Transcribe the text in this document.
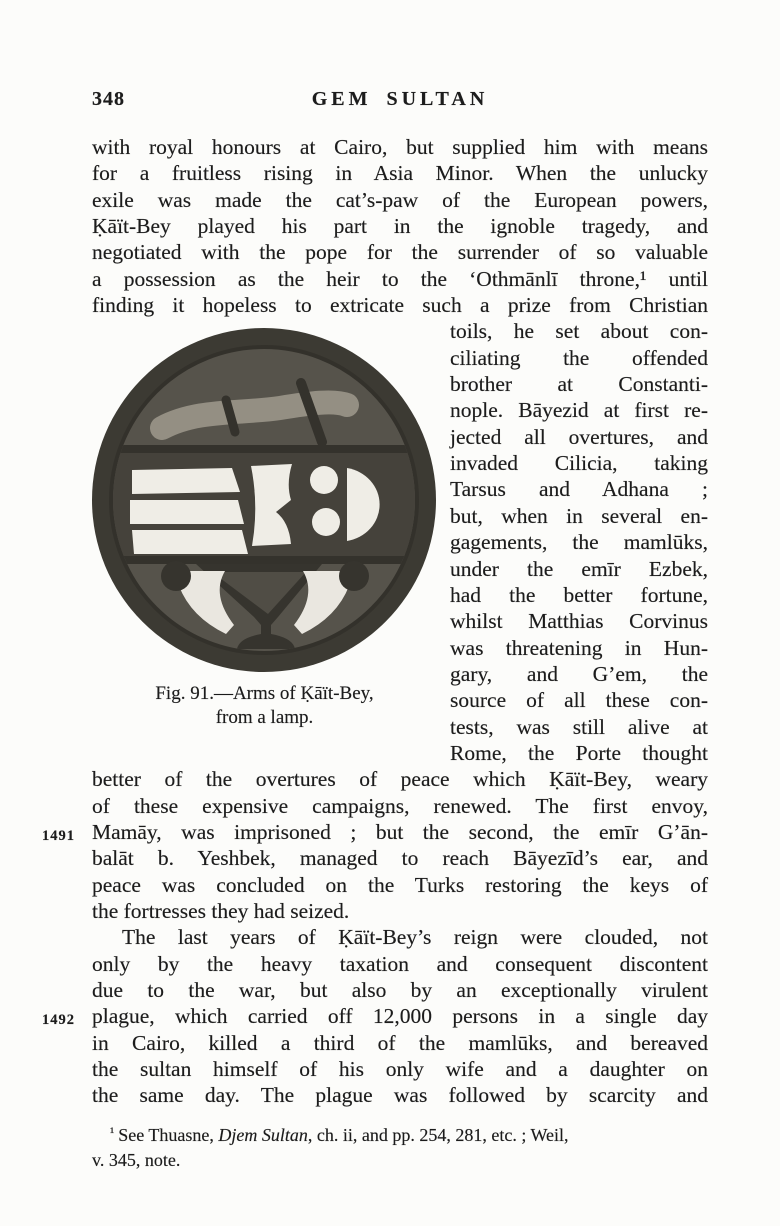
348	GEM SULTAN
with royal honours at Cairo, but supplied him with means
for a fruitless rising in Asia Minor. When the unlucky
exile was made the cat’s-paw of the European powers,
Ḳāït-Bey played his part in the ignoble tragedy, and
negotiated with the pope for the surrender of so valuable
a possession as the heir to the ‘Othmānlī throne,¹ until
finding it hopeless to extricate such a prize from Christian
Fig. 91.—Arms of Ḳāït-Bey,
from a lamp.
toils, he set about con-
ciliating the offended
brother at Constanti-
nople. Bāyezid at first re-
jected all overtures, and
invaded Cilicia, taking
Tarsus and Adhana ;
but, when in several en-
gagements, the mamlūks,
under the emīr Ezbek,
had the better fortune,
whilst Matthias Corvinus
was threatening in Hun-
gary, and G’em, the
source of all these con-
tests, was still alive at
Rome, the Porte thought
better of the overtures of peace which Ḳāït-Bey, weary
of these expensive campaigns, renewed. The first envoy,
1491 Mamāy, was imprisoned ; but the second, the emīr G’ān-
balāt b. Yeshbek, managed to reach Bāyezīd’s ear, and
peace was concluded on the Turks restoring the keys of
the fortresses they had seized.
The last years of Ḳāït-Bey’s reign were clouded, not
only by the heavy taxation and consequent discontent
due to the war, but also by an exceptionally virulent
1492 plague, which carried off 12,000 persons in a single day
in Cairo, killed a third of the mamlūks, and bereaved
the sultan himself of his only wife and a daughter on
the same day. The plague was followed by scarcity and
$^{^1}$ See Thuasne, Djem Sultan, ch. ii, and pp. 254, 281, etc. ; Weil,
v. 345, note.
